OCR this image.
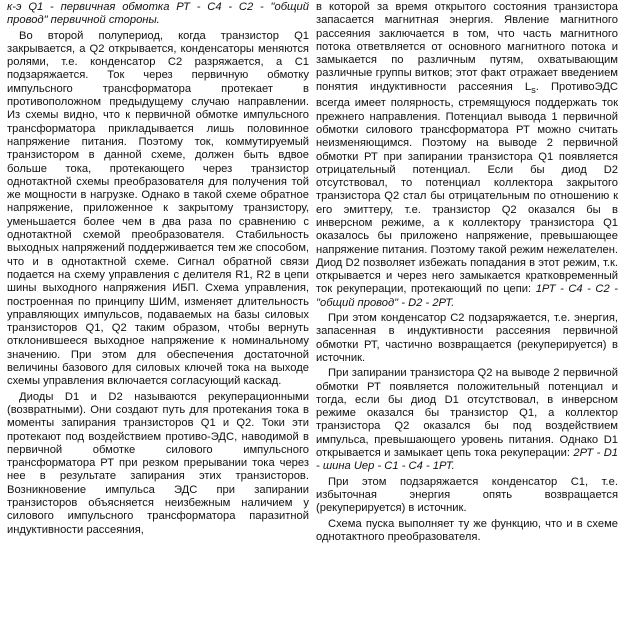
к-э Q1 - первичная обмотка РТ - С4 - С2 - "общий провод" первичной стороны.

Во второй полупериод, когда транзистор Q1 закрывается, а Q2 открывается, конденсаторы меняются ролями, т.е. конденсатор С2 разряжается, а С1 подзаряжается. Ток через первичную обмотку импульсного трансформатора протекает в противоположном предыдущему случаю направлении. Из схемы видно, что к первичной обмотке импульсного трансформатора прикладывается лишь половинное напряжение питания. Поэтому ток, коммутируемый транзистором в данной схеме, должен быть вдвое больше тока, протекающего через транзистор однотактной схемы преобразователя для получения той же мощности в нагрузке. Однако в такой схеме обратное напряжение, приложенное к закрытому транзистору, уменьшается более чем в два раза по сравнению с однотактной схемой преобразователя. Стабильность выходных напряжений поддерживается тем же способом, что и в однотактной схеме. Сигнал обратной связи подается на схему управления с делителя R1, R2 в цепи шины выходного напряжения ИБП. Схема управления, построенная по принципу ШИМ, изменяет длительность управляющих импульсов, подаваемых на базы силовых транзисторов Q1, Q2 таким образом, чтобы вернуть отклонившееся выходное напряжение к номинальному значению. При этом для обеспечения достаточной величины базового для силовых ключей тока на выходе схемы управления включается согласующий каскад.

Диоды D1 и D2 называются рекуперационными (возвратными). Они создают путь для протекания тока в моменты запирания транзисторов Q1 и Q2. Токи эти протекают под воздействием противо-ЭДС, наводимой в первичной обмотке силового импульсного трансформатора РТ при резком прерывании тока через нее в результате запирания этих транзисторов. Возникновение импульса ЭДС при запирании транзисторов объясняется неизбежным наличием у силового импульсного трансформатора паразитной индуктивности рассеяния,

в которой за время открытого состояния транзистора запасается магнитная энергия. Явление магнитного рассеяния заключается в том, что часть магнитного потока ответвляется от основного магнитного потока и замыкается по различным путям, охватывающим различные группы витков; этот факт отражает введением понятия индуктивности рассеяния $L_s$. ПротивоЭДС всегда имеет полярность, стремящуюся поддержать ток прежнего направления. Потенциал вывода 1 первичной обмотки силового трансформатора РТ можно считать неизменяющимся. Поэтому на выводе 2 первичной обмотки РТ при запирании транзистора Q1 появляется отрицательный потенциал. Если бы диод D2 отсутствовал, то потенциал коллектора закрытого транзистора Q2 стал бы отрицательным по отношению к его эмиттеру, т.е. транзистор Q2 оказался бы в инверсном режиме, а к коллектору транзистора Q1 оказалось бы приложено напряжение, превышающее напряжение питания. Поэтому такой режим нежелателен. Диод D2 позволяет избежать попадания в этот режим, т.к. открывается и через него замыкается кратковременный ток рекуперации, протекающий по цепи: 1РТ - С4 - С2 - "общий провод" - D2 - 2РТ.

При этом конденсатор С2 подзаряжается, т.е. энергия, запасенная в индуктивности рассеяния первичной обмотки РТ, частично возвращается (рекуперируется) в источник.

При запирании транзистора Q2 на выводе 2 первичной обмотки РТ появляется положительный потенциал и тогда, если бы диод D1 отсутствовал, в инверсном режиме оказался бы транзистор Q1, а коллектор транзистора Q2 оказался бы под воздействием импульса, превышающего уровень питания. Однако D1 открывается и замыкает цепь тока рекуперации: 2РТ - D1 - шина Uep - С1 - С4 - 1РТ.

При этом подзаряжается конденсатор С1, т.е. избыточная энергия опять возвращается (рекуперируется) в источник.

Схема пуска выполняет ту же функцию, что и в схеме однотактного преобразователя.
